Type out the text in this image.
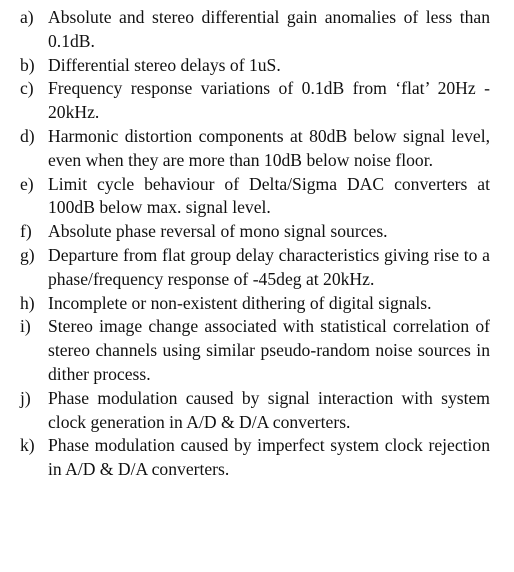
a) Absolute and stereo differential gain anomalies of less than 0.1dB.
b) Differential stereo delays of 1uS.
c) Frequency response variations of 0.1dB from ‘flat’ 20Hz - 20kHz.
d) Harmonic distortion components at 80dB below signal level, even when they are more than 10dB below noise floor.
e) Limit cycle behaviour of Delta/Sigma DAC converters at 100dB below max. signal level.
f) Absolute phase reversal of mono signal sources.
g) Departure from flat group delay characteristics giving rise to a phase/frequency response of -45deg at 20kHz.
h) Incomplete or non-existent dithering of digital signals.
i) Stereo image change associated with statistical correlation of stereo channels using similar pseudo-random noise sources in dither process.
j) Phase modulation caused by signal interaction with system clock generation in A/D & D/A converters.
k) Phase modulation caused by imperfect system clock rejection in A/D & D/A converters.
